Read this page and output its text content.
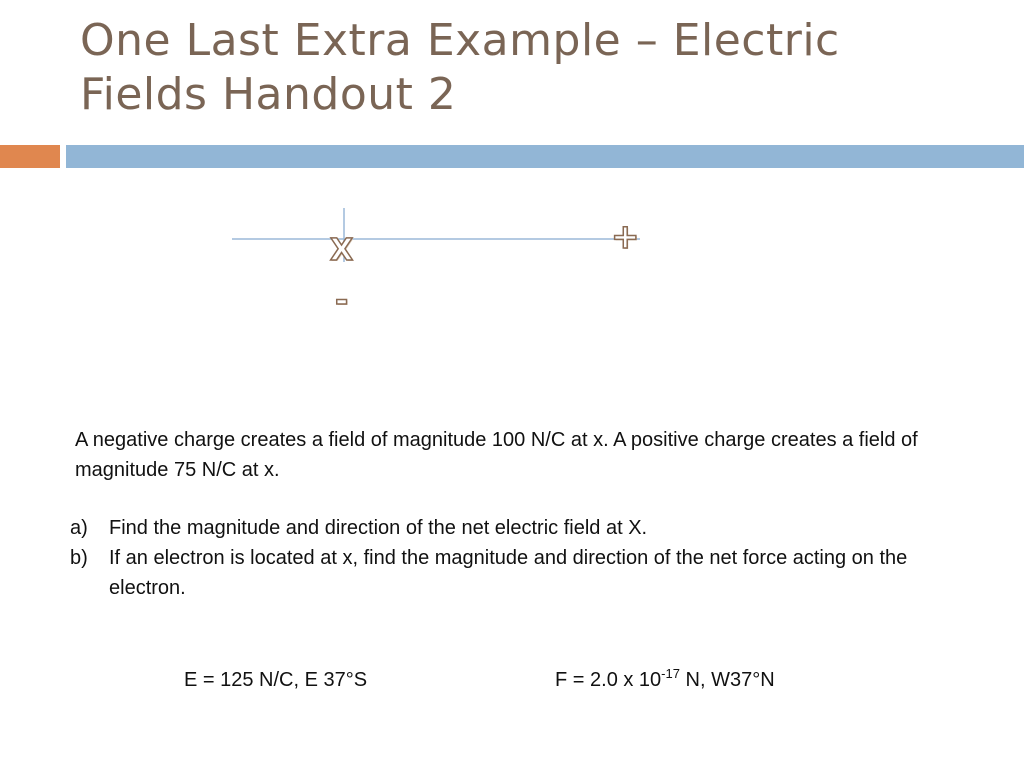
One Last Extra Example – Electric
Fields Handout 2
X
-
+
A negative charge creates a field of magnitude 100 N/C at x. A positive charge creates a field of magnitude 75 N/C at x.
a) Find the magnitude and direction of the net electric field at X.
b) If an electron is located at x, find the magnitude and direction of the net force acting on the electron.
E = 125 N/C, E 37°S	F = 2.0 x $10^{-17}$ N, W37°N
